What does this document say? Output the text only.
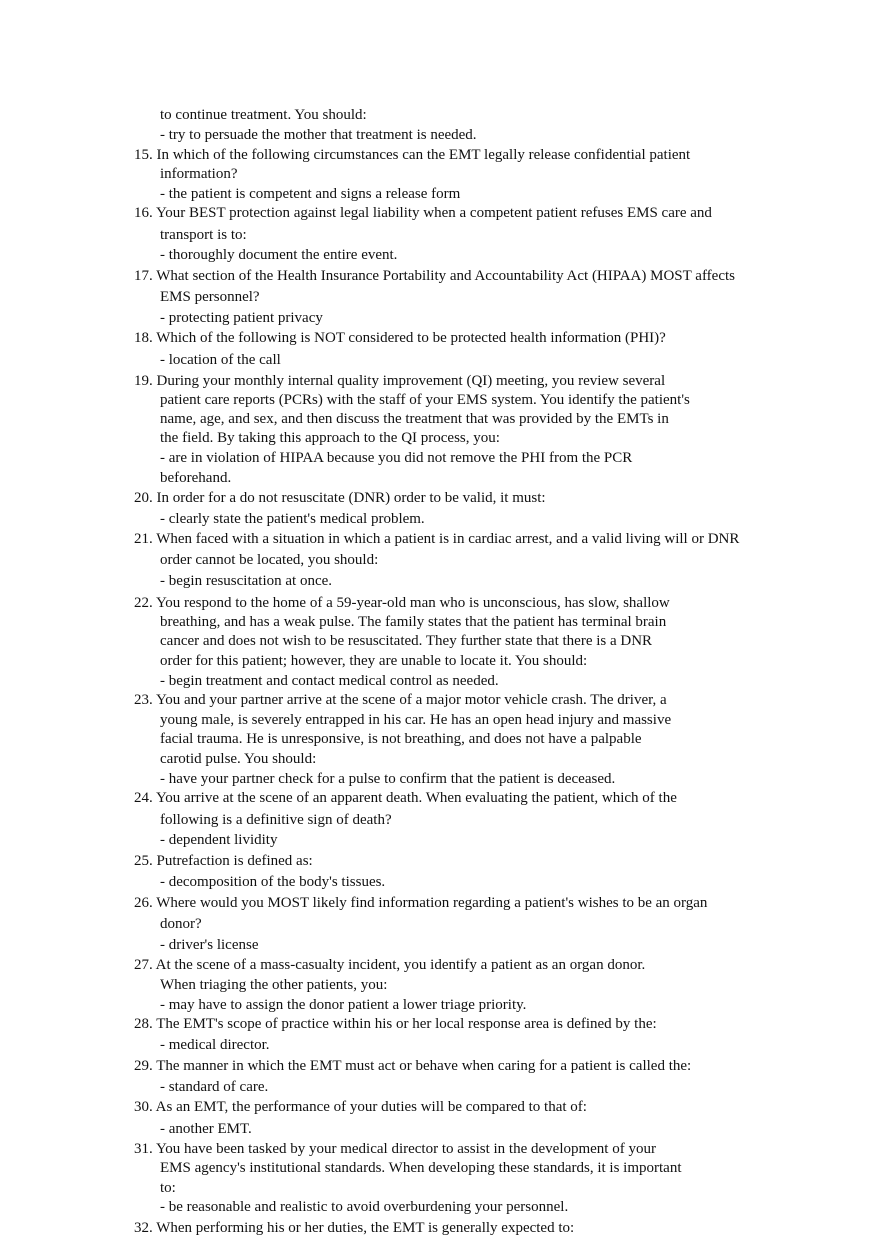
to continue treatment. You should:
- try to persuade the mother that treatment is needed.
15. In which of the following circumstances can the EMT legally release confidential patient
information?
- the patient is competent and signs a release form
16. Your BEST protection against legal liability when a competent patient refuses EMS care and
transport is to:
- thoroughly document the entire event.
17. What section of the Health Insurance Portability and Accountability Act (HIPAA) MOST affects
EMS personnel?
- protecting patient privacy
18. Which of the following is NOT considered to be protected health information (PHI)?
- location of the call
19. During your monthly internal quality improvement (QI) meeting, you review several
patient care reports (PCRs) with the staff of your EMS system. You identify the patient's
name, age, and sex, and then discuss the treatment that was provided by the EMTs in
the field. By taking this approach to the QI process, you:
- are in violation of HIPAA because you did not remove the PHI from the PCR
beforehand.
20. In order for a do not resuscitate (DNR) order to be valid, it must:
- clearly state the patient's medical problem.
21. When faced with a situation in which a patient is in cardiac arrest, and a valid living will or DNR
order cannot be located, you should:
- begin resuscitation at once.
22. You respond to the home of a 59-year-old man who is unconscious, has slow, shallow
breathing, and has a weak pulse. The family states that the patient has terminal brain
cancer and does not wish to be resuscitated. They further state that there is a DNR
order for this patient; however, they are unable to locate it. You should:
- begin treatment and contact medical control as needed.
23. You and your partner arrive at the scene of a major motor vehicle crash. The driver, a
young male, is severely entrapped in his car. He has an open head injury and massive
facial trauma. He is unresponsive, is not breathing, and does not have a palpable
carotid pulse. You should:
- have your partner check for a pulse to confirm that the patient is deceased.
24. You arrive at the scene of an apparent death. When evaluating the patient, which of the
following is a definitive sign of death?
- dependent lividity
25. Putrefaction is defined as:
- decomposition of the body's tissues.
26. Where would you MOST likely find information regarding a patient's wishes to be an organ
donor?
- driver's license
27. At the scene of a mass-casualty incident, you identify a patient as an organ donor.
When triaging the other patients, you:
- may have to assign the donor patient a lower triage priority.
28. The EMT's scope of practice within his or her local response area is defined by the:
- medical director.
29. The manner in which the EMT must act or behave when caring for a patient is called the:
- standard of care.
30. As an EMT, the performance of your duties will be compared to that of:
- another EMT.
31. You have been tasked by your medical director to assist in the development of your
EMS agency's institutional standards. When developing these standards, it is important
to:
- be reasonable and realistic to avoid overburdening your personnel.
32. When performing his or her duties, the EMT is generally expected to:
